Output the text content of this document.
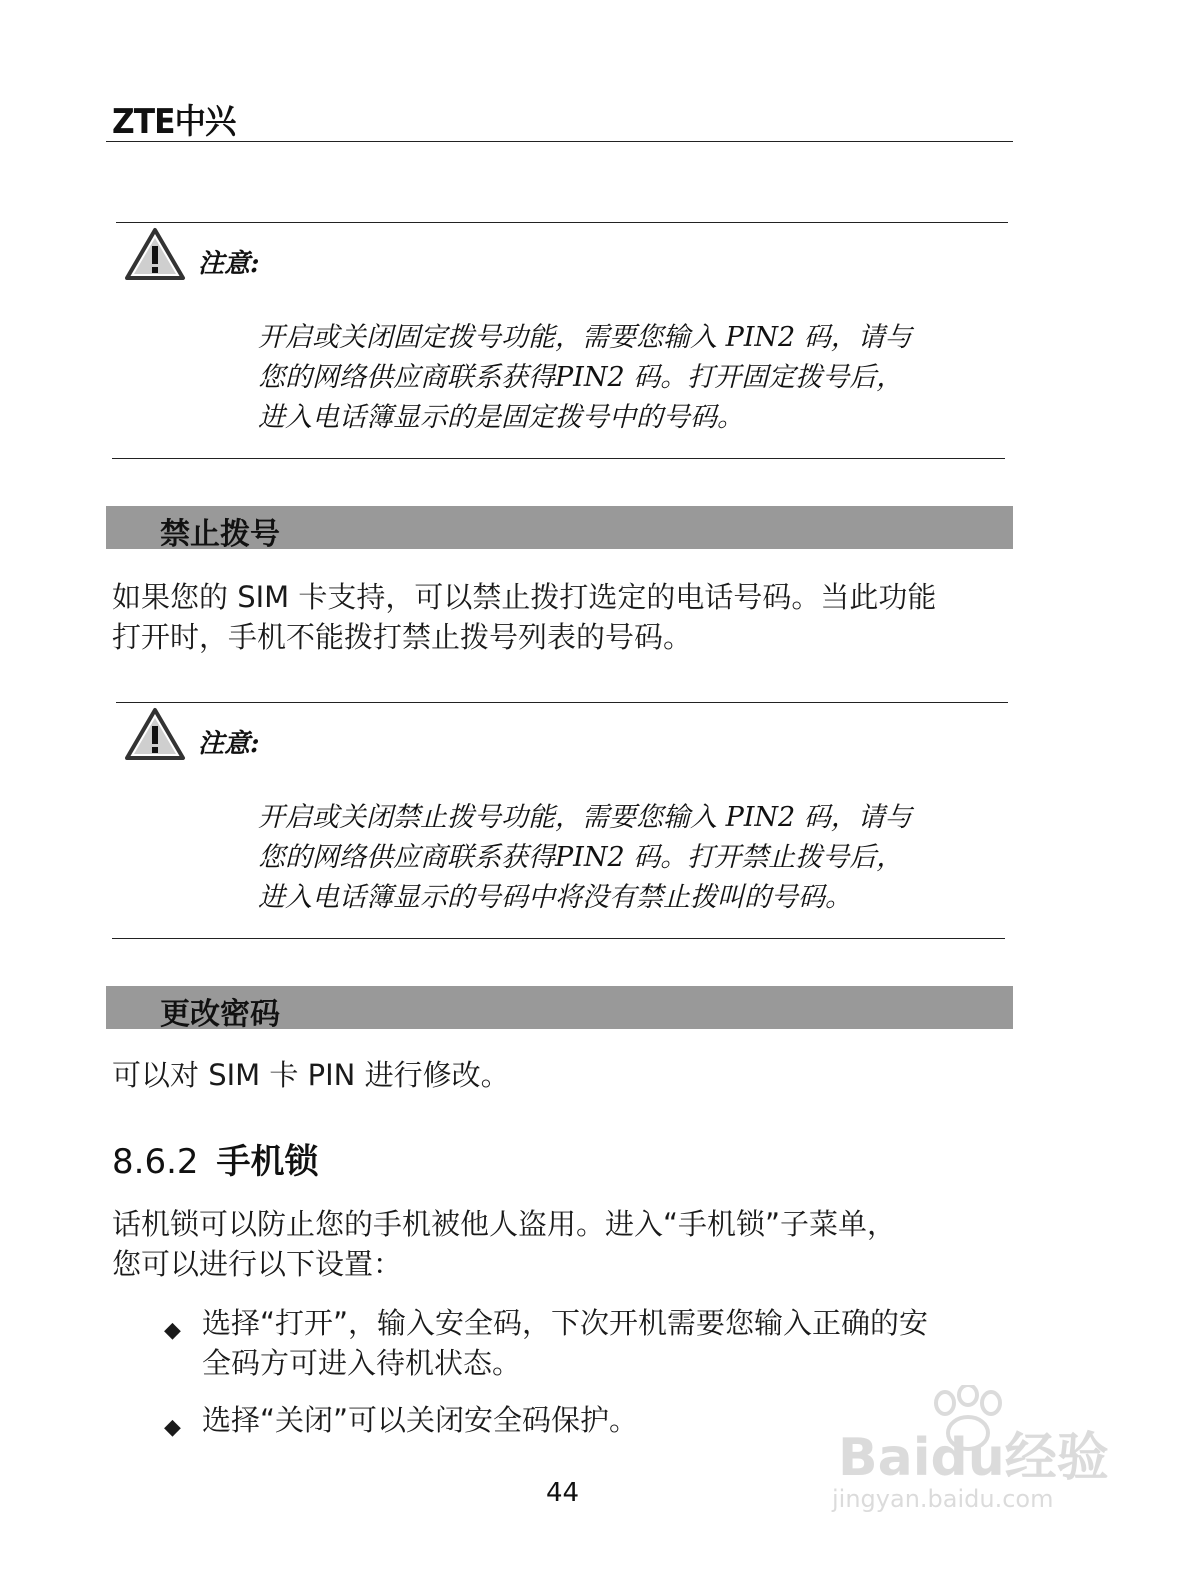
ZTE中兴
注意:

开启或关闭固定拨号功能，需要您输入 PIN2 码，请与

您的网络供应商联系获得PIN2 码。打开固定拨号后，

进入电话簿显示的是固定拨号中的号码。

禁止拨号

如果您的 SIM 卡支持，可以禁止拨打选定的电话号码。当此功能

打开时，手机不能拨打禁止拨号列表的号码。

注意:

开启或关闭禁止拨号功能，需要您输入 PIN2 码，请与

您的网络供应商联系获得PIN2 码。打开禁止拨号后，

进入电话簿显示的号码中将没有禁止拨叫的号码。

更改密码

可以对 SIM 卡 PIN 进行修改。

8.6.2 手机锁

话机锁可以防止您的手机被他人盗用。进入“手机锁”子菜单，

您可以进行以下设置：

◆ 选择“打开”，输入安全码，下次开机需要您输入正确的安

全码方可进入待机状态。

◆ 选择“关闭”可以关闭安全码保护。

44
Baidu经验
jingyan.baidu.com
